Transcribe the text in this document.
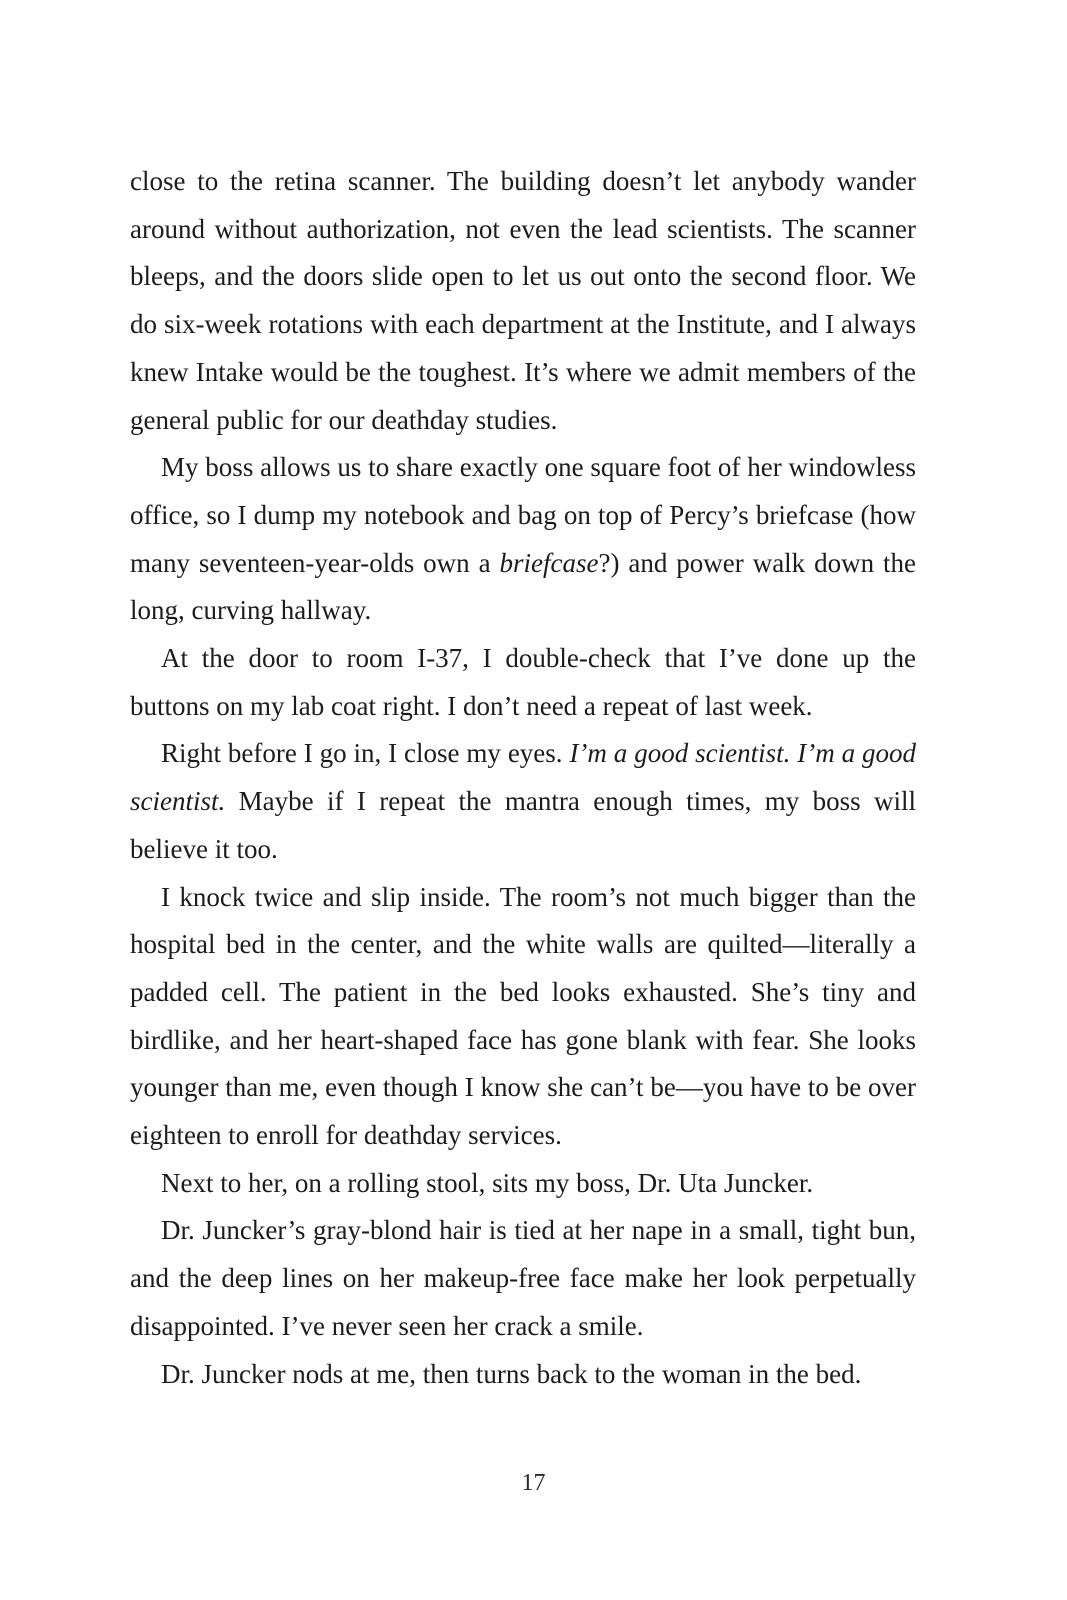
close to the retina scanner. The building doesn’t let anybody wander around without authorization, not even the lead scientists. The scanner bleeps, and the doors slide open to let us out onto the second floor. We do six-week rotations with each department at the Institute, and I always knew Intake would be the toughest. It’s where we admit members of the general public for our deathday studies.

My boss allows us to share exactly one square foot of her windowless office, so I dump my notebook and bag on top of Percy’s briefcase (how many seventeen-year-olds own a briefcase?) and power walk down the long, curving hallway.

At the door to room I-37, I double-check that I’ve done up the buttons on my lab coat right. I don’t need a repeat of last week.

Right before I go in, I close my eyes. I’m a good scientist. I’m a good scientist. Maybe if I repeat the mantra enough times, my boss will believe it too.

I knock twice and slip inside. The room’s not much bigger than the hospital bed in the center, and the white walls are quilted—literally a padded cell. The patient in the bed looks exhausted. She’s tiny and birdlike, and her heart-shaped face has gone blank with fear. She looks younger than me, even though I know she can’t be—you have to be over eighteen to enroll for deathday services.

Next to her, on a rolling stool, sits my boss, Dr. Uta Juncker.

Dr. Juncker’s gray-blond hair is tied at her nape in a small, tight bun, and the deep lines on her makeup-free face make her look perpetually disappointed. I’ve never seen her crack a smile.

Dr. Juncker nods at me, then turns back to the woman in the bed.

17
